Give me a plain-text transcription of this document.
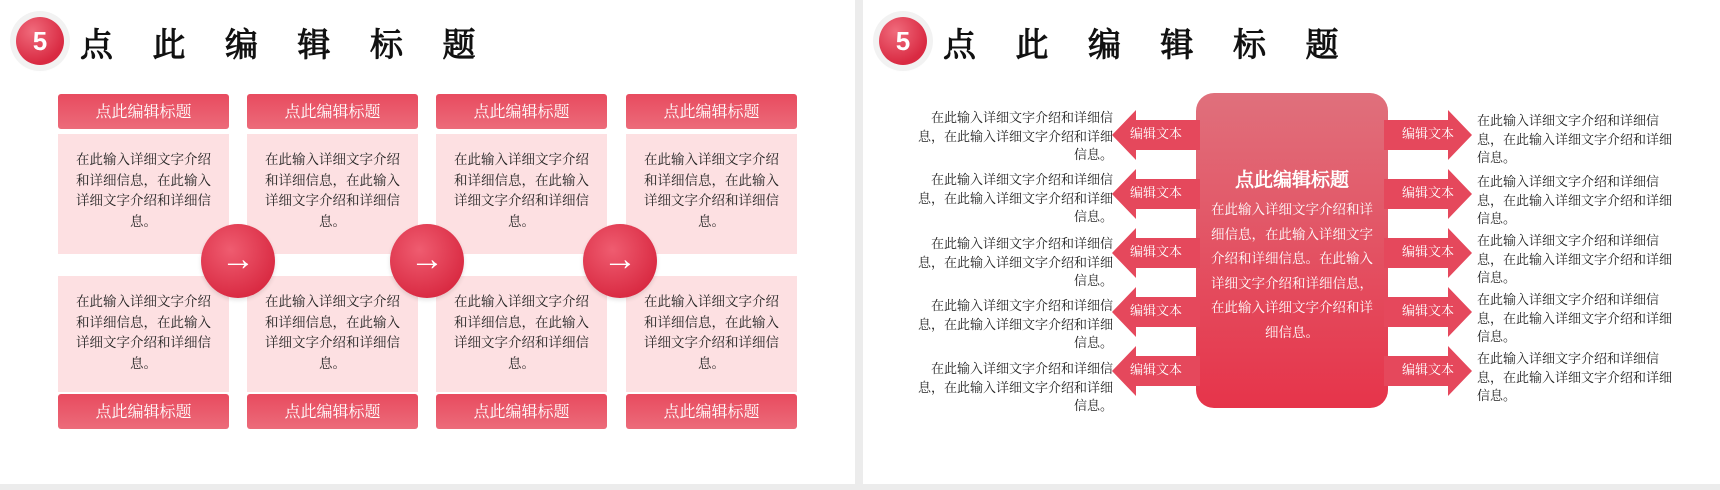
5 点 此 编 辑 标 题
点此编辑标题
在此输入详细文字介绍和详细信息，在此输入详细文字介绍和详细信息。
在此输入详细文字介绍和详细信息，在此输入详细文字介绍和详细信息。
点此编辑标题
点此编辑标题
在此输入详细文字介绍和详细信息，在此输入详细文字介绍和详细信息。
在此输入详细文字介绍和详细信息，在此输入详细文字介绍和详细信息。
点此编辑标题
点此编辑标题
在此输入详细文字介绍和详细信息，在此输入详细文字介绍和详细信息。
在此输入详细文字介绍和详细信息，在此输入详细文字介绍和详细信息。
点此编辑标题
点此编辑标题
在此输入详细文字介绍和详细信息，在此输入详细文字介绍和详细信息。
在此输入详细文字介绍和详细信息，在此输入详细文字介绍和详细信息。
点此编辑标题
→	→	→
5 点 此 编 辑 标 题
点此编辑标题
在此输入详细文字介绍和详细信息，在此输入详细文字介绍和详细信息。在此输入详细文字介绍和详细信息，在此输入详细文字介绍和详细信息。
编辑文本
编辑文本
编辑文本
编辑文本
编辑文本
编辑文本
编辑文本
编辑文本
编辑文本
编辑文本
在此输入详细文字介绍和详细信息，在此输入详细文字介绍和详细信息。
在此输入详细文字介绍和详细信息，在此输入详细文字介绍和详细信息。
在此输入详细文字介绍和详细信息，在此输入详细文字介绍和详细信息。
在此输入详细文字介绍和详细信息，在此输入详细文字介绍和详细信息。
在此输入详细文字介绍和详细信息，在此输入详细文字介绍和详细信息。
在此输入详细文字介绍和详细信息，在此输入详细文字介绍和详细信息。
在此输入详细文字介绍和详细信息，在此输入详细文字介绍和详细信息。
在此输入详细文字介绍和详细信息，在此输入详细文字介绍和详细信息。
在此输入详细文字介绍和详细信息，在此输入详细文字介绍和详细信息。
在此输入详细文字介绍和详细信息，在此输入详细文字介绍和详细信息。
